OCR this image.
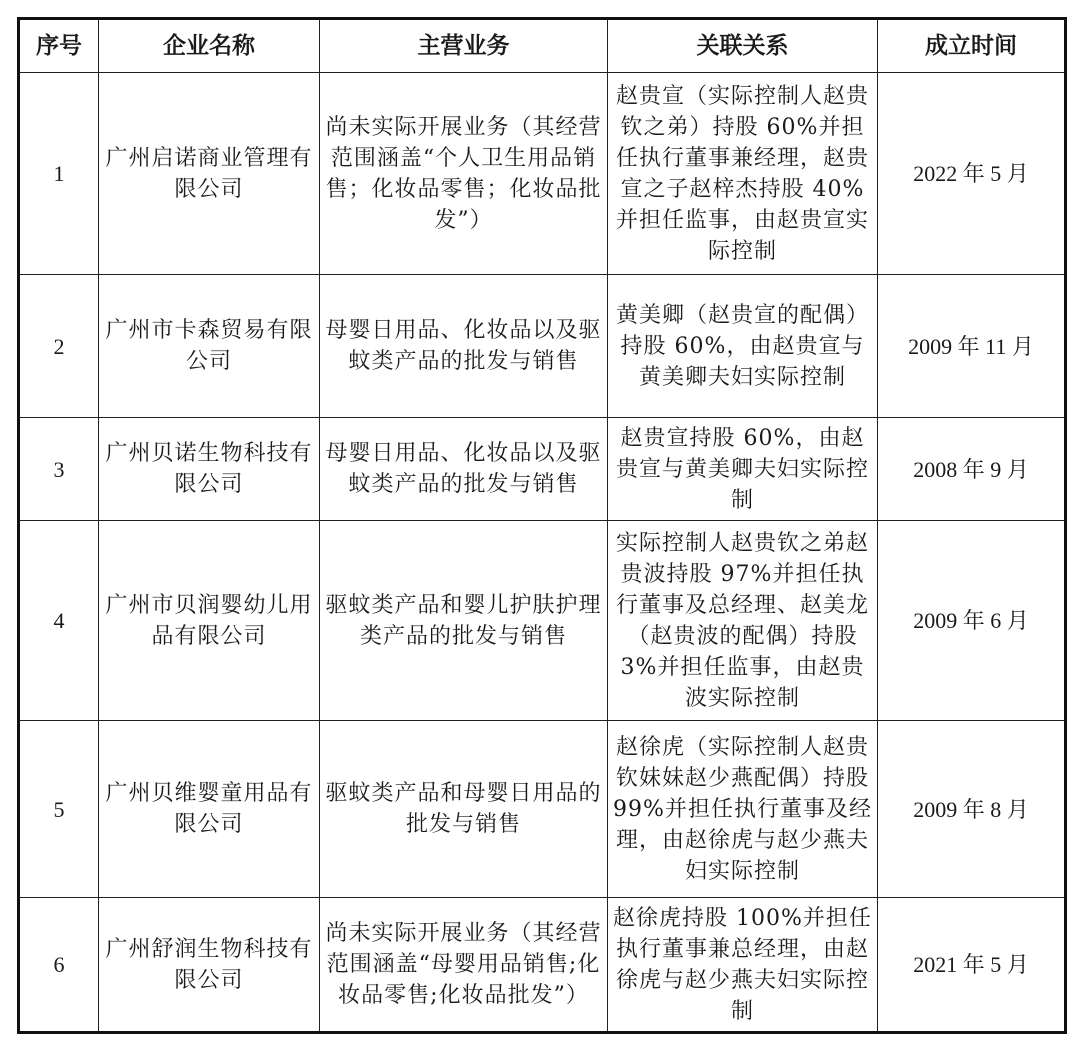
序号	企业名称	主营业务	关联关系	成立时间
1	广州启诺商业管理有限公司	尚未实际开展业务（其经营范围涵盖“个人卫生用品销售；化妆品零售；化妆品批发”）	赵贵宣（实际控制人赵贵钦之弟）持股 60%并担任执行董事兼经理，赵贵宣之子赵梓杰持股 40%并担任监事，由赵贵宣实际控制	2022 年 5 月
2	广州市卡森贸易有限公司	母婴日用品、化妆品以及驱蚊类产品的批发与销售	黄美卿（赵贵宣的配偶）持股 60%，由赵贵宣与黄美卿夫妇实际控制	2009 年 11 月
3	广州贝诺生物科技有限公司	母婴日用品、化妆品以及驱蚊类产品的批发与销售	赵贵宣持股 60%，由赵贵宣与黄美卿夫妇实际控制	2008 年 9 月
4	广州市贝润婴幼儿用品有限公司	驱蚊类产品和婴儿护肤护理类产品的批发与销售	实际控制人赵贵钦之弟赵贵波持股 97%并担任执行董事及总经理、赵美龙（赵贵波的配偶）持股 3%并担任监事，由赵贵波实际控制	2009 年 6 月
5	广州贝维婴童用品有限公司	驱蚊类产品和母婴日用品的批发与销售	赵徐虎（实际控制人赵贵钦妹妹赵少燕配偶）持股 99%并担任执行董事及经理，由赵徐虎与赵少燕夫妇实际控制	2009 年 8 月
6	广州舒润生物科技有限公司	尚未实际开展业务（其经营范围涵盖“母婴用品销售;化妆品零售;化妆品批发”）	赵徐虎持股 100%并担任执行董事兼总经理，由赵徐虎与赵少燕夫妇实际控制	2021 年 5 月
